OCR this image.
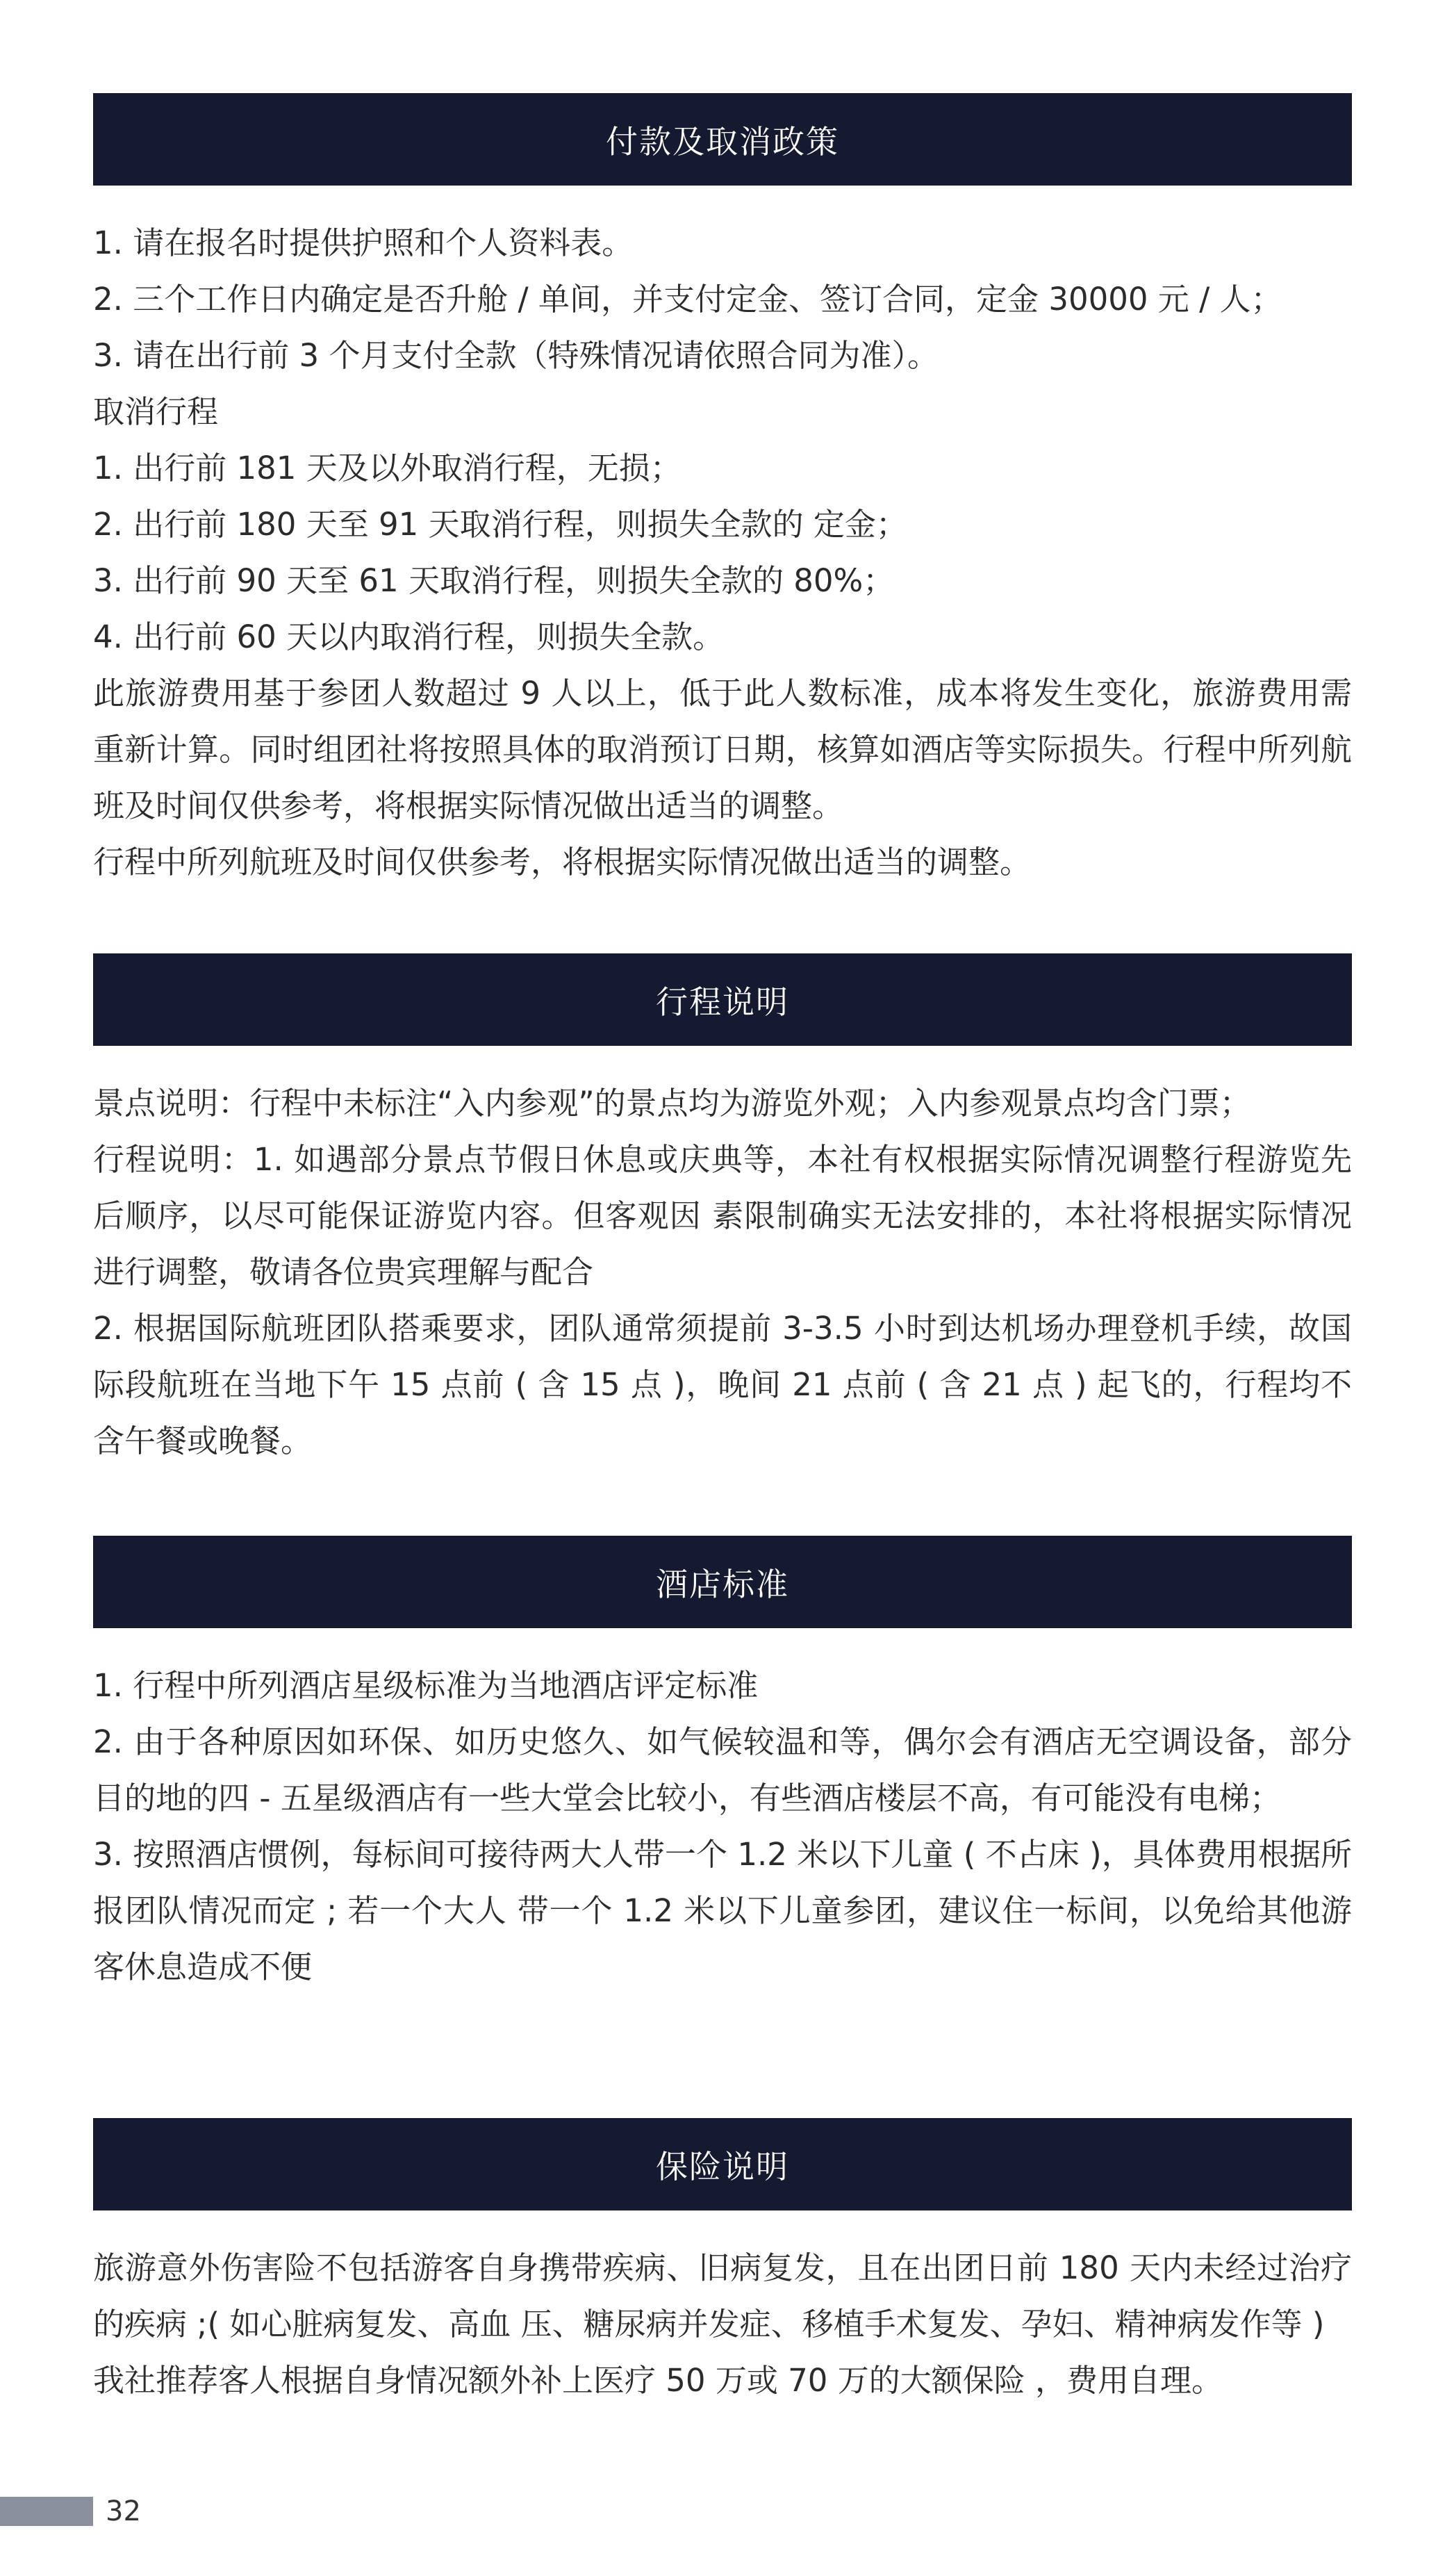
付款及取消政策
1. 请在报名时提供护照和个人资料表。
2. 三个工作日内确定是否升舱 / 单间，并支付定金、签订合同，定金 30000 元 / 人；
3. 请在出行前 3 个月支付全款（特殊情况请依照合同为准）。
取消行程
1. 出行前 181 天及以外取消行程，无损；
2. 出行前 180 天至 91 天取消行程，则损失全款的 定金；
3. 出行前 90 天至 61 天取消行程，则损失全款的 80%；
4. 出行前 60 天以内取消行程，则损失全款。
此旅游费用基于参团人数超过 9 人以上，低于此人数标准，成本将发生变化，旅游费用需重新计算。同时组团社将按照具体的取消预订日期，核算如酒店等实际损失。行程中所列航班及时间仅供参考，将根据实际情况做出适当的调整。
行程中所列航班及时间仅供参考，将根据实际情况做出适当的调整。
行程说明
景点说明：行程中未标注“入内参观”的景点均为游览外观；入内参观景点均含门票；
行程说明：1. 如遇部分景点节假日休息或庆典等，本社有权根据实际情况调整行程游览先后顺序，以尽可能保证游览内容。但客观因 素限制确实无法安排的，本社将根据实际情况进行调整，敬请各位贵宾理解与配合
2. 根据国际航班团队搭乘要求，团队通常须提前 3-3.5 小时到达机场办理登机手续，故国际段航班在当地下午 15 点前 ( 含 15 点 )，晚间 21 点前 ( 含 21 点 ) 起飞的，行程均不含午餐或晚餐。
酒店标准
1. 行程中所列酒店星级标准为当地酒店评定标准
2. 由于各种原因如环保、如历史悠久、如气候较温和等，偶尔会有酒店无空调设备，部分目的地的四 - 五星级酒店有一些大堂会比较小，有些酒店楼层不高，有可能没有电梯；
3. 按照酒店惯例，每标间可接待两大人带一个 1.2 米以下儿童 ( 不占床 )，具体费用根据所报团队情况而定 ; 若一个大人 带一个 1.2 米以下儿童参团，建议住一标间，以免给其他游客休息造成不便
保险说明
旅游意外伤害险不包括游客自身携带疾病、旧病复发，且在出团日前 180 天内未经过治疗的疾病 ;( 如心脏病复发、高血 压、糖尿病并发症、移植手术复发、孕妇、精神病发作等 )
我社推荐客人根据自身情况额外补上医疗 50 万或 70 万的大额保险 ，费用自理。
32
